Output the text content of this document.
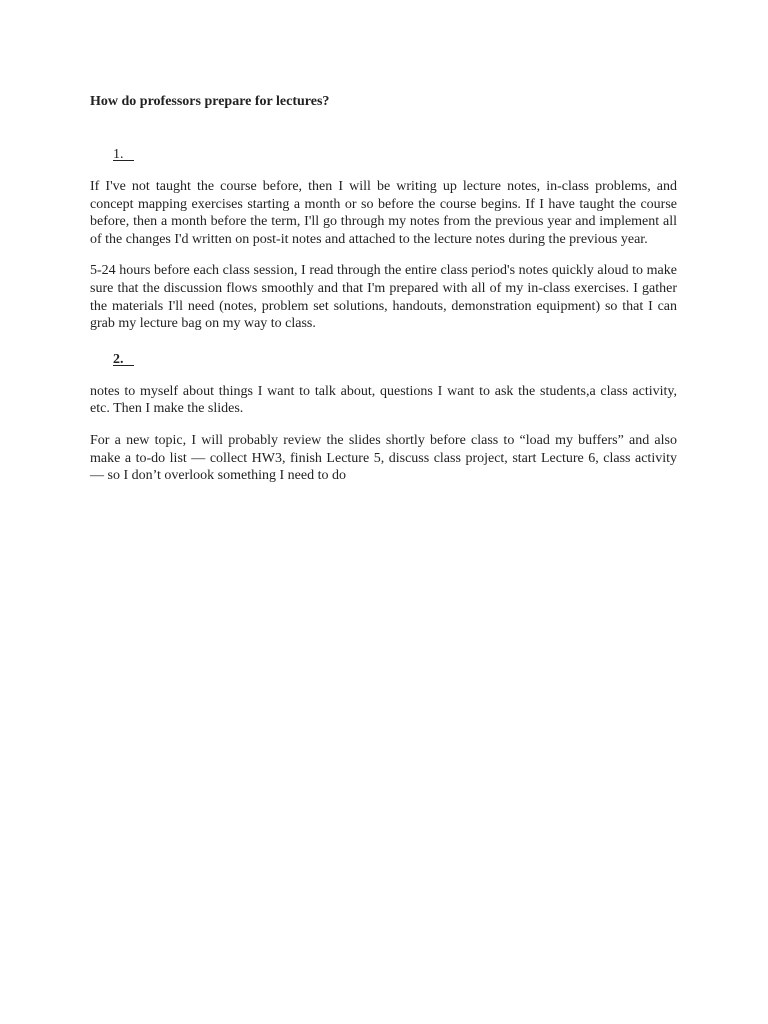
How do professors prepare for lectures?
1.

If I've not taught the course before, then I will be writing up lecture notes, in-class problems, and concept mapping exercises starting a month or so before the course begins. If I have taught the course before, then a month before the term, I'll go through my notes from the previous year and implement all of the changes I'd written on post-it notes and attached to the lecture notes during the previous year.

5-24 hours before each class session, I read through the entire class period's notes quickly aloud to make sure that the discussion flows smoothly and that I'm prepared with all of my in-class exercises. I gather the materials I'll need (notes, problem set solutions, handouts, demonstration equipment) so that I can grab my lecture bag on my way to class.

2.

notes to myself about things I want to talk about, questions I want to ask the students,a class activity, etc. Then I make the slides.

For a new topic, I will probably review the slides shortly before class to “load my buffers” and also make a to-do list — collect HW3, finish Lecture 5, discuss class project, start Lecture 6, class activity — so I don’t overlook something I need to do
